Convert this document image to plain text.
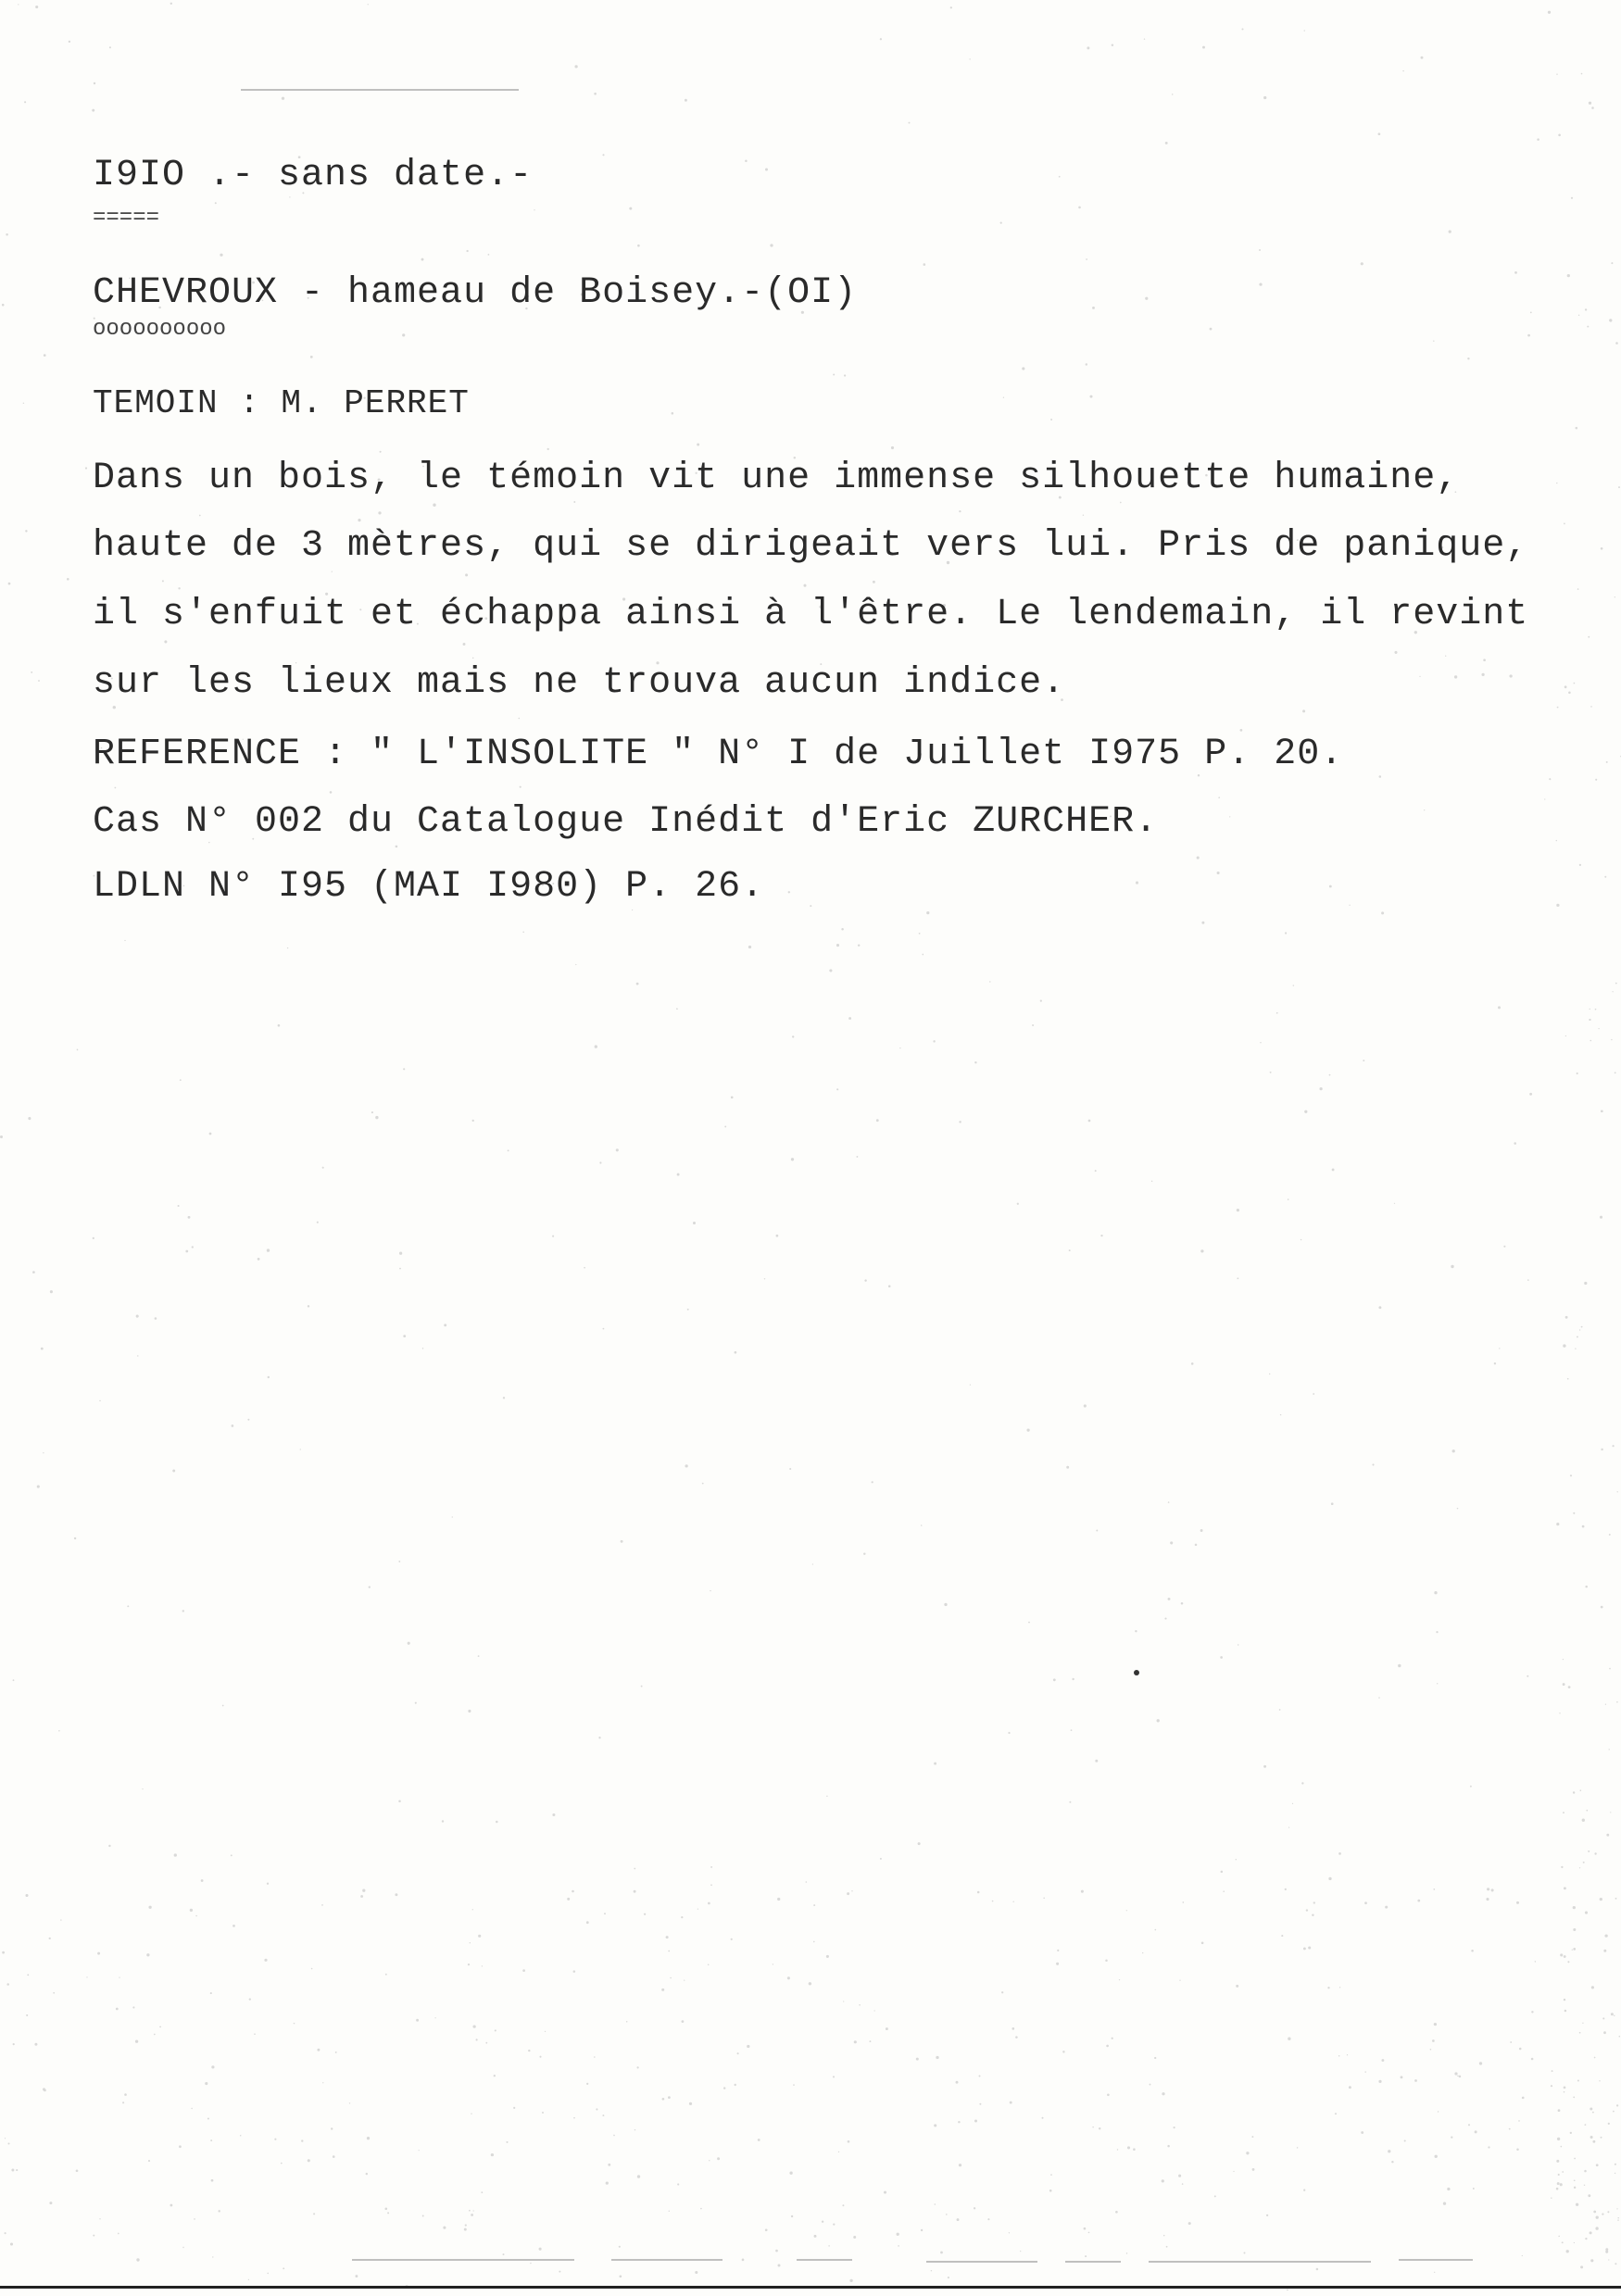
I9IO .- sans date.-
=====
CHEVROUX - hameau de Boisey.-(OI)
oooooooooo
TEMOIN : M. PERRET
Dans un bois, le témoin vit une immense silhouette humaine,
haute de 3 mètres, qui se dirigeait vers lui. Pris de panique,
il s'enfuit et échappa ainsi à l'être. Le lendemain, il revint
sur les lieux mais ne trouva aucun indice.
REFERENCE : " L'INSOLITE " N° I de Juillet I975 P. 20.
Cas N° 002 du Catalogue Inédit d'Eric ZURCHER.
LDLN N° I95 (MAI I980) P. 26.
